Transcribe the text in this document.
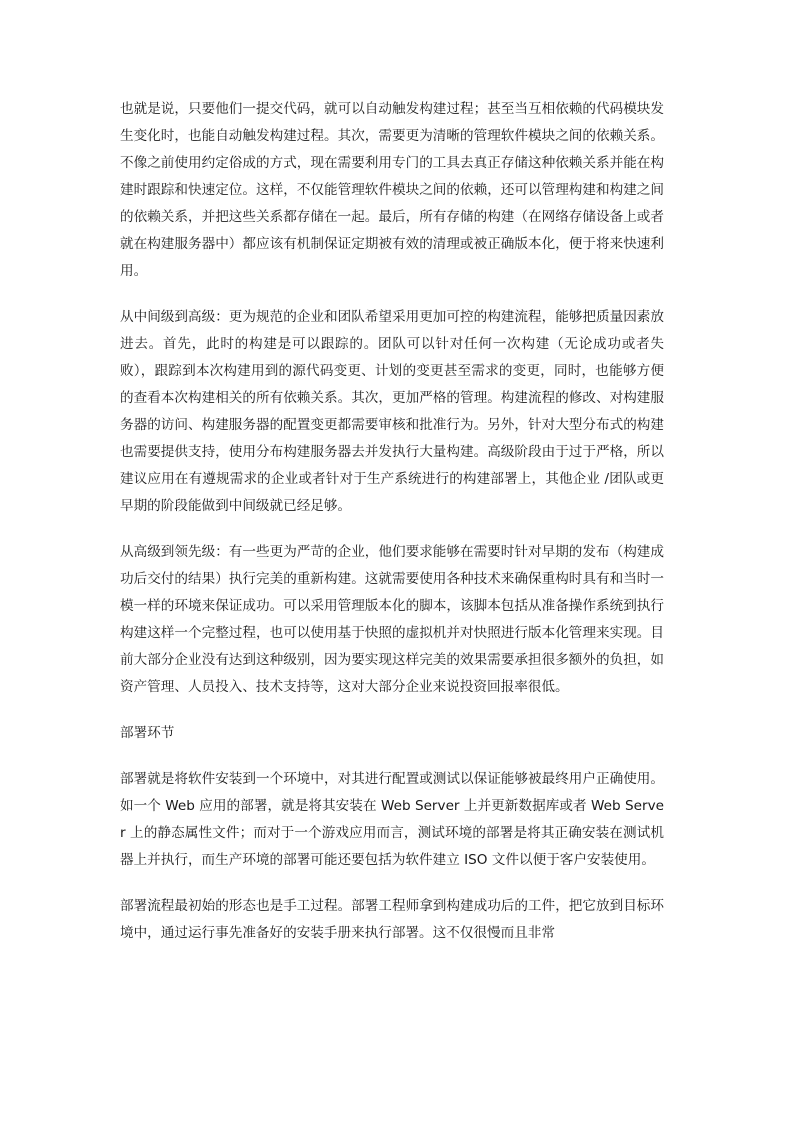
也就是说，只要他们一提交代码，就可以自动触发构建过程；甚至当互相依赖的代码模块发生变化时，也能自动触发构建过程。其次，需要更为清晰的管理软件模块之间的依赖关系。不像之前使用约定俗成的方式，现在需要利用专门的工具去真正存储这种依赖关系并能在构建时跟踪和快速定位。这样，不仅能管理软件模块之间的依赖，还可以管理构建和构建之间的依赖关系，并把这些关系都存储在一起。最后，所有存储的构建（在网络存储设备上或者就在构建服务器中）都应该有机制保证定期被有效的清理或被正确版本化，便于将来快速利用。

从中间级到高级：更为规范的企业和团队希望采用更加可控的构建流程，能够把质量因素放进去。首先，此时的构建是可以跟踪的。团队可以针对任何一次构建（无论成功或者失败），跟踪到本次构建用到的源代码变更、计划的变更甚至需求的变更，同时，也能够方便的查看本次构建相关的所有依赖关系。其次，更加严格的管理。构建流程的修改、对构建服务器的访问、构建服务器的配置变更都需要审核和批准行为。另外，针对大型分布式的构建也需要提供支持，使用分布构建服务器去并发执行大量构建。高级阶段由于过于严格，所以建议应用在有遵规需求的企业或者针对于生产系统进行的构建部署上，其他企业 /团队或更早期的阶段能做到中间级就已经足够。

从高级到领先级：有一些更为严苛的企业，他们要求能够在需要时针对早期的发布（构建成功后交付的结果）执行完美的重新构建。这就需要使用各种技术来确保重构时具有和当时一模一样的环境来保证成功。可以采用管理版本化的脚本，该脚本包括从准备操作系统到执行构建这样一个完整过程，也可以使用基于快照的虚拟机并对快照进行版本化管理来实现。目前大部分企业没有达到这种级别，因为要实现这样完美的效果需要承担很多额外的负担，如资产管理、人员投入、技术支持等，这对大部分企业来说投资回报率很低。

部署环节

部署就是将软件安装到一个环境中，对其进行配置或测试以保证能够被最终用户正确使用。如一个 Web 应用的部署，就是将其安装在 Web Server 上并更新数据库或者 Web Server 上的静态属性文件；而对于一个游戏应用而言，测试环境的部署是将其正确安装在测试机器上并执行，而生产环境的部署可能还要包括为软件建立 ISO 文件以便于客户安装使用。

部署流程最初始的形态也是手工过程。部署工程师拿到构建成功后的工件，把它放到目标环境中，通过运行事先准备好的安装手册来执行部署。这不仅很慢而且非常
